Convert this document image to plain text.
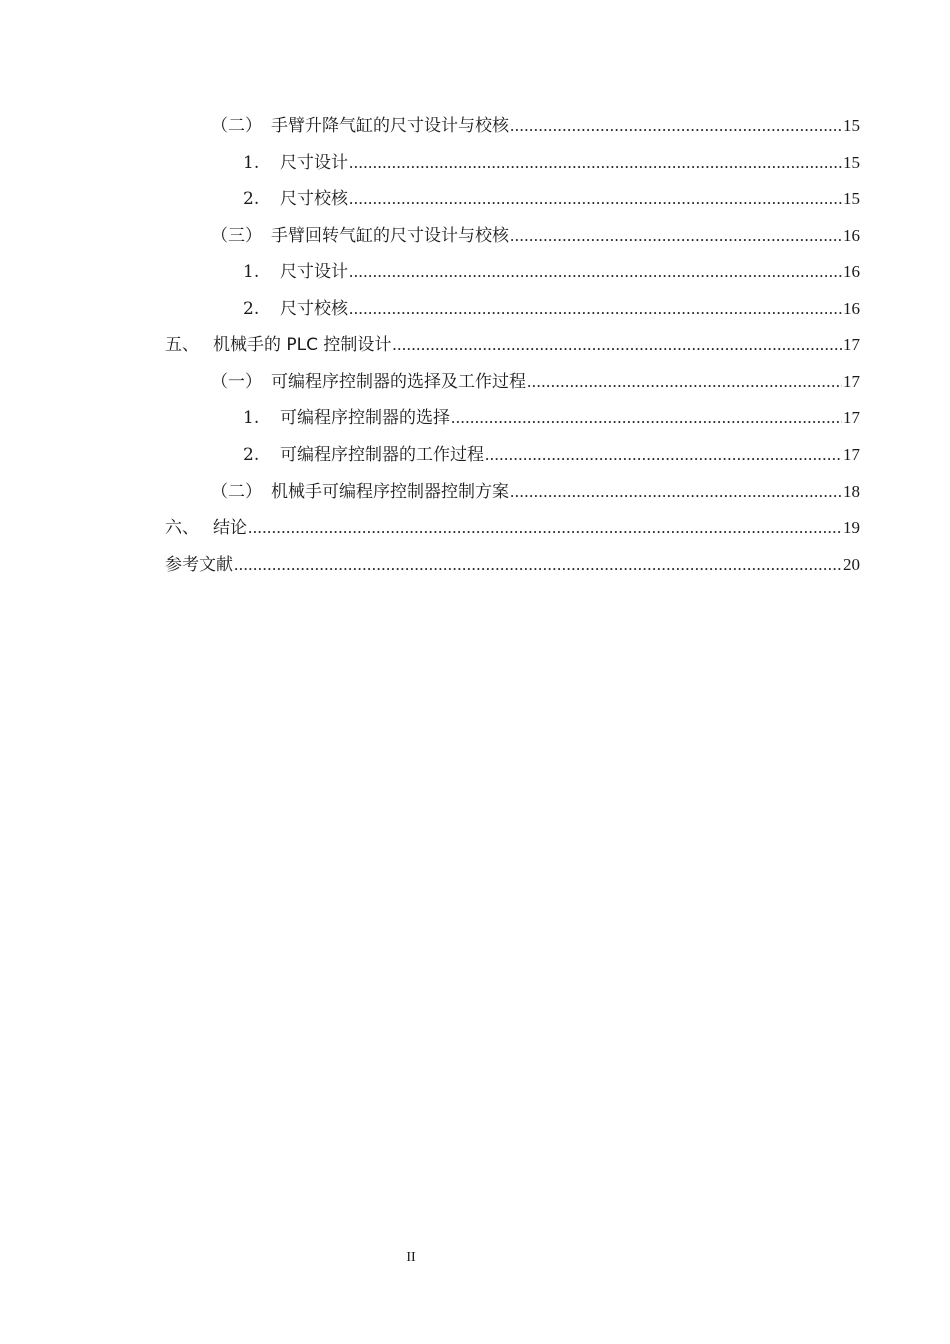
（二） 手臂升降气缸的尺寸设计与校核 .....	15
1.	尺寸设计 .....	15
2.	尺寸校核 .....	15
（三） 手臂回转气缸的尺寸设计与校核 .....	16
1.	尺寸设计 .....	16
2.	尺寸校核 .....	16
五、 机械手的 PLC 控制设计 .....	17
（一） 可编程序控制器的选择及工作过程 .....	17
1.	可编程序控制器的选择 .....	17
2.	可编程序控制器的工作过程 .....	17
（二） 机械手可编程序控制器控制方案 .....	18
六、 结论 .....	19
参考文献 .....	20
II
